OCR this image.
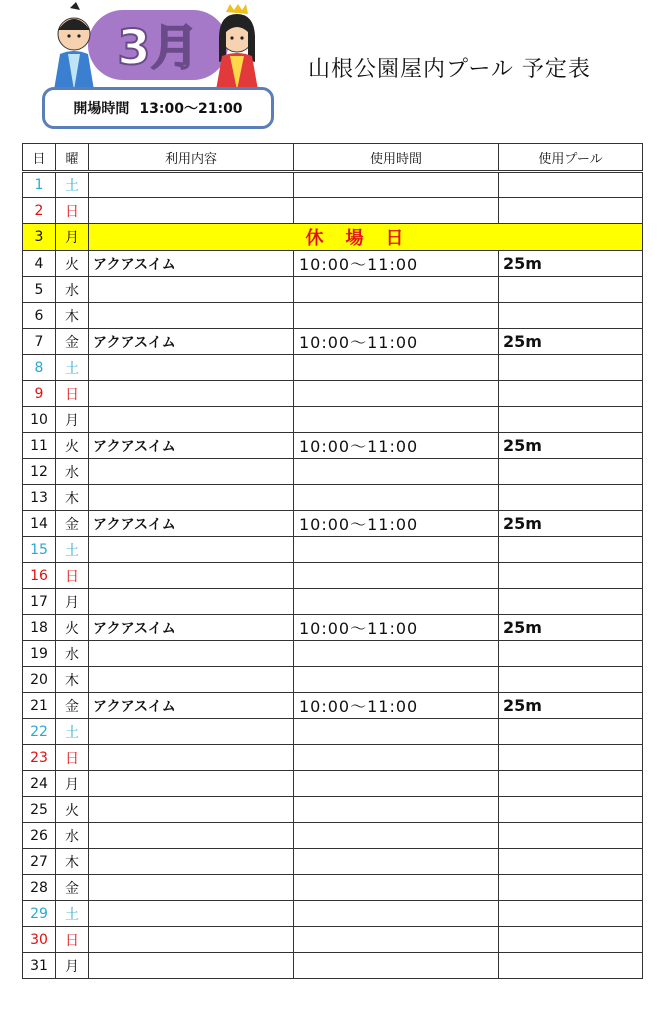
3月
開場時間 13:00～21:00
山根公園屋内プール 予定表
日	曜	利用内容	使用時間	使用プール
1	土			
2	日			
3	月	休場日		
4	火	アクアスイム	10:00～11:00	25m
5	水			
6	木			
7	金	アクアスイム	10:00～11:00	25m
8	土			
9	日			
10	月			
11	火	アクアスイム	10:00～11:00	25m
12	水			
13	木			
14	金	アクアスイム	10:00～11:00	25m
15	土			
16	日			
17	月			
18	火	アクアスイム	10:00～11:00	25m
19	水			
20	木			
21	金	アクアスイム	10:00～11:00	25m
22	土			
23	日			
24	月			
25	火			
26	水			
27	木			
28	金			
29	土			
30	日			
31	月			
